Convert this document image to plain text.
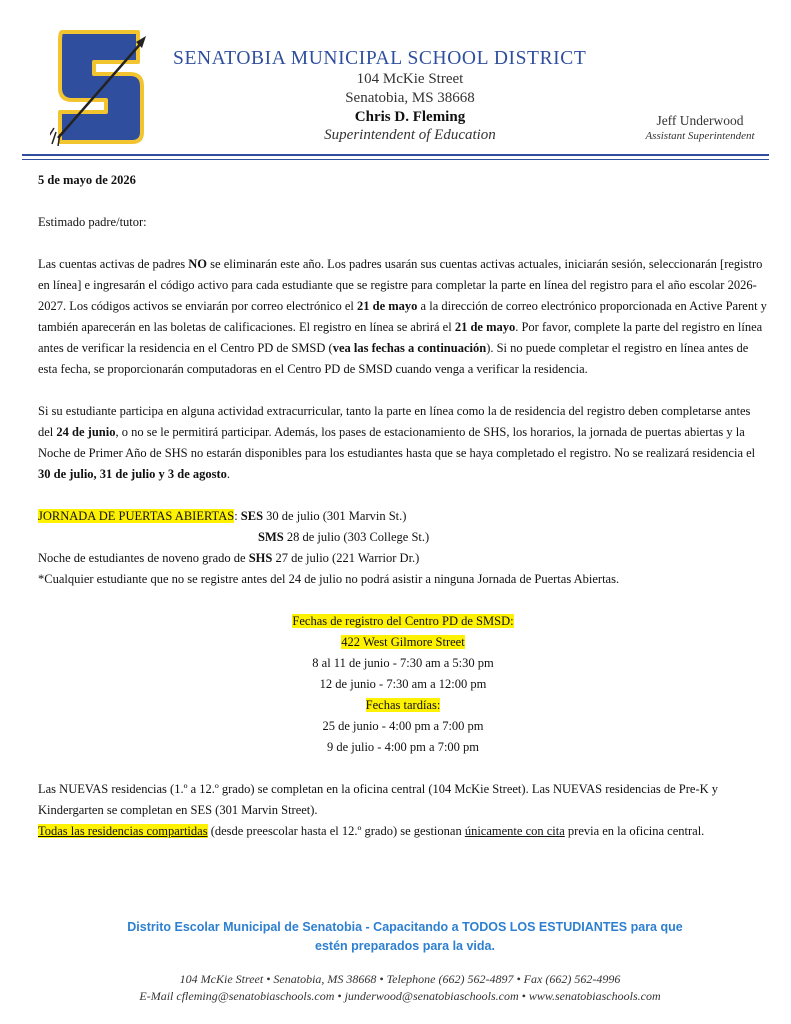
SENATOBIA MUNICIPAL SCHOOL DISTRICT
104 McKie Street
Senatobia, MS 38668
Chris D. Fleming
Superintendent of Education
Jeff Underwood
Assistant Superintendent

5 de mayo de 2026

Estimado padre/tutor:

Las cuentas activas de padres NO se eliminarán este año. Los padres usarán sus cuentas activas actuales, iniciarán sesión, seleccionarán [registro en línea] e ingresarán el código activo para cada estudiante que se registre para completar la parte en línea del registro para el año escolar 2026-2027. Los códigos activos se enviarán por correo electrónico el 21 de mayo a la dirección de correo electrónico proporcionada en Active Parent y también aparecerán en las boletas de calificaciones. El registro en línea se abrirá el 21 de mayo. Por favor, complete la parte del registro en línea antes de verificar la residencia en el Centro PD de SMSD (vea las fechas a continuación). Si no puede completar el registro en línea antes de esta fecha, se proporcionarán computadoras en el Centro PD de SMSD cuando venga a verificar la residencia.

Si su estudiante participa en alguna actividad extracurricular, tanto la parte en línea como la de residencia del registro deben completarse antes del 24 de junio, o no se le permitirá participar. Además, los pases de estacionamiento de SHS, los horarios, la jornada de puertas abiertas y la Noche de Primer Año de SHS no estarán disponibles para los estudiantes hasta que se haya completado el registro. No se realizará residencia el 30 de julio, 31 de julio y 3 de agosto.

JORNADA DE PUERTAS ABIERTAS: SES 30 de julio (301 Marvin St.)

SMS 28 de julio (303 College St.)

Noche de estudiantes de noveno grado de SHS 27 de julio (221 Warrior Dr.)

*Cualquier estudiante que no se registre antes del 24 de julio no podrá asistir a ninguna Jornada de Puertas Abiertas.

Fechas de registro del Centro PD de SMSD:

422 West Gilmore Street

8 al 11 de junio - 7:30 am a 5:30 pm

12 de junio - 7:30 am a 12:00 pm

Fechas tardías:

25 de junio - 4:00 pm a 7:00 pm

9 de julio - 4:00 pm a 7:00 pm

Las NUEVAS residencias (1.º a 12.º grado) se completan en la oficina central (104 McKie Street). Las NUEVAS residencias de Pre-K y Kindergarten se completan en SES (301 Marvin Street).

Todas las residencias compartidas (desde preescolar hasta el 12.º grado) se gestionan únicamente con cita previa en la oficina central.

Distrito Escolar Municipal de Senatobia - Capacitando a TODOS LOS ESTUDIANTES para que
estén preparados para la vida.
104 McKie Street • Senatobia, MS 38668 • Telephone (662) 562-4897 • Fax (662) 562-4996
E-Mail cfleming@senatobiaschools.com • junderwood@senatobiaschools.com • www.senatobiaschools.com
